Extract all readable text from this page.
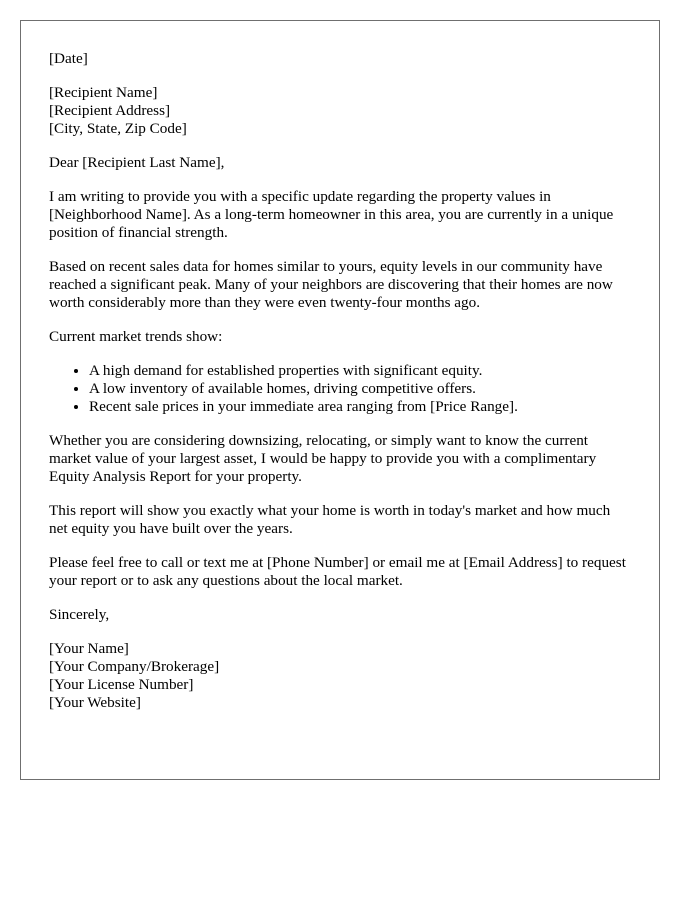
[Date]
[Recipient Name]
[Recipient Address]
[City, State, Zip Code]

Dear [Recipient Last Name],

I am writing to provide you with a specific update regarding the property values in [Neighborhood Name]. As a long-term homeowner in this area, you are currently in a unique position of financial strength.

Based on recent sales data for homes similar to yours, equity levels in our community have reached a significant peak. Many of your neighbors are discovering that their homes are now worth considerably more than they were even twenty-four months ago.

Current market trends show:

• A high demand for established properties with significant equity.
• A low inventory of available homes, driving competitive offers.
• Recent sale prices in your immediate area ranging from [Price Range].

Whether you are considering downsizing, relocating, or simply want to know the current market value of your largest asset, I would be happy to provide you with a complimentary Equity Analysis Report for your property.

This report will show you exactly what your home is worth in today's market and how much net equity you have built over the years.

Please feel free to call or text me at [Phone Number] or email me at [Email Address] to request your report or to ask any questions about the local market.

Sincerely,

[Your Name]
[Your Company/Brokerage]
[Your License Number]
[Your Website]
